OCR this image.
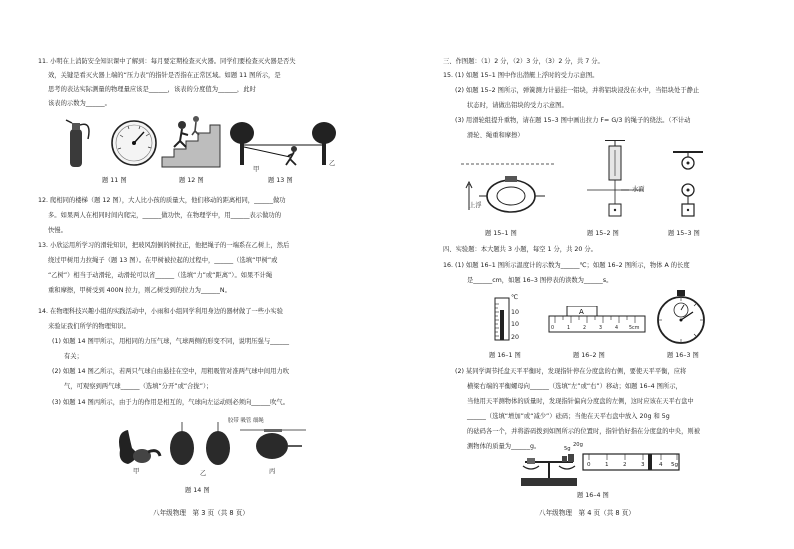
11. 小明在上消防安全知识课中了解到：每月要定期检查灭火器。同学们要检查灭火器是否失
效，关键是看灭火器上端的“压力表”的指针是否指在正常区域。如题 11 图所示，是
思考的表达实际测量的物理量应该是______，该表的分度值为______，此时
该表的示数为______。
题 11 图	题 12 图
甲
乙
题 13 图
12. 爬相同的楼梯（题 12 图），大人比小孩的质量大，他们移动的距离相同，______做功
多。如果两人在相同时间内爬完，______做功快，在物理学中，用______表示做功的
快慢。
13. 小欣运用所学习的滑轮知识，把玻风刮倒的树拉正，他把绳子的一端系在乙树上，然后
绕过甲树用力拉绳子（题 13 图）。在甲树被拉起的过程中，______（选填“甲树”或
“乙树”）相当于动滑轮，动滑轮可以省______（选填“力”或“距离”）。如果不计绳
重和摩擦，甲树受到 400N 拉力，则乙树受到的拉力为______N。
14. 在物理科技兴趣小组的实践活动中，小雨和小组同学利用身边的器材做了一些小实验
来验证我们所学的物理知识。
(1) 如题 14 图甲所示，用相同的力压气球，气球两侧的形变不同，说明压强与______
有关；
(2) 如题 14 图乙所示，若两只气球自由悬挂在空中，用粗吸管对准两气球中间用力吹
气，可观察到两气球______（选填“分开”或“合拢”）；
(3) 如题 14 图丙所示，由于力的作用是相互的，气球向左运动则必须向______吹气。
胶带 吸管 细绳
甲	乙	丙
题 14 图
八年级物理　第 3 页（共 8 页）
三、作图题：（1）2 分，（2）3 分，（3）2 分，共 7 分。
15. (1) 如题 15–1 图中作出潜艇上浮时的受力示意图。
(2) 如题 15–2 图所示，弹簧测力计悬挂一铝块，并将铝块浸没在水中，当铝块处于静止
状态时，请做出铝块的受力示意图。
(3) 用滑轮组提升重物，请在题 15–3 图中画出拉力 F= G/3 的绳子的绕法。（不计动
滑轮、绳重和摩擦）
上浮
水面
题 15–1 图	题 15–2 图	题 15–3 图
四、实验题：本大题共 3 小题，每空 1 分，共 20 分。
16. (1) 如题 16–1 图所示温度计的示数为______℃；如题 16–2 图所示，物体 A 的长度
是______cm，如题 16–3 图停表的读数为______s。
℃
10
10
20
A
0	1	2	3	4 5cm
题 16–1 图	题 16–2 图	题 16–3 图
(2) 某同学调节托盘天平平衡时，发现指针停在分度盘的右侧，要使天平平衡，应将
横梁右端的平衡螺母向______（选填“左”或“右”）移动；如题 16–4 图所示，
当他用天平测物体的质量时，发现指针偏向分度盘的左侧，这时应该在天平右盘中
______（选填“增加”或“减少”）砝码；当他在天平右盘中放入 20g 和 5g
的砝码各一个，并将游码拨到如图所示的位置时，指针恰好指在分度盘的中央，则被
测物体的质量为______g。	5g
20g
0	1	2	3	4 5g
题 16–4 图
八年级物理　第 4 页（共 8 页）
